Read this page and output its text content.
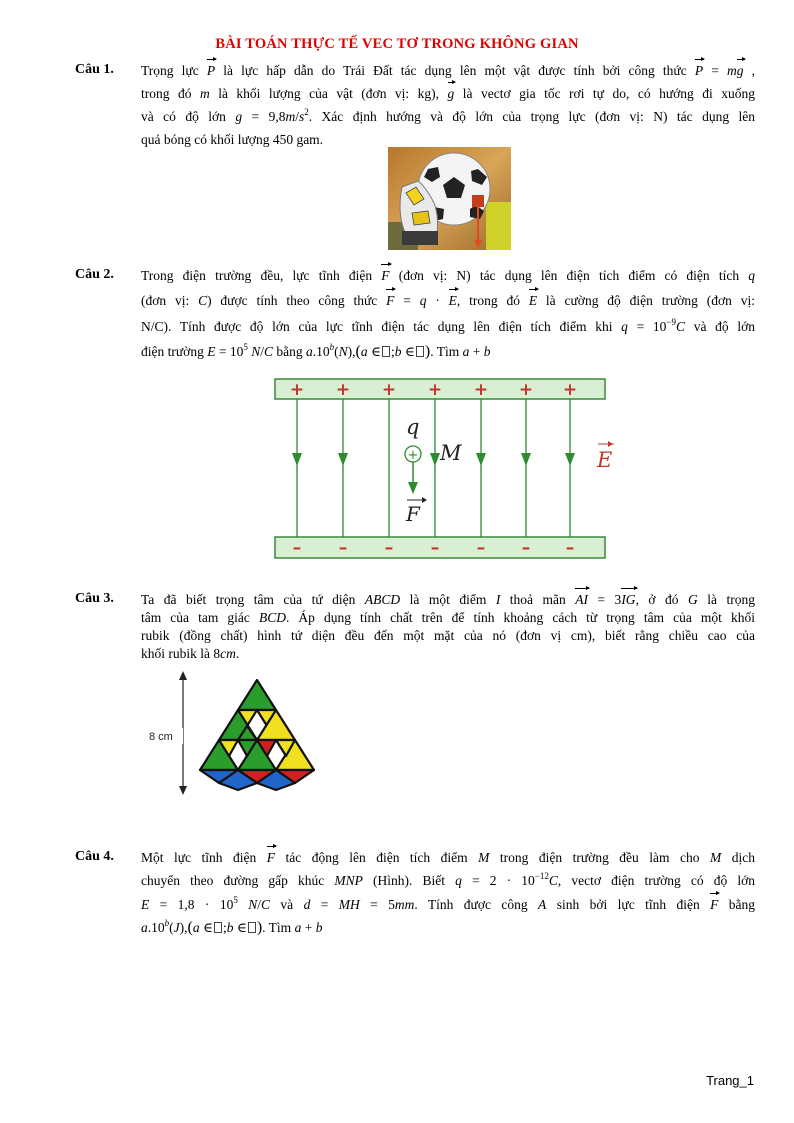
BÀI TOÁN THỰC TẾ VEC TƠ TRONG KHÔNG GIAN
Câu 1. Trọng lực P là lực hấp dẫn do Trái Đất tác dụng lên một vật được tính bởi công thức P = mg ,
trong đó m là khối lượng của vật (đơn vị: kg), g là vectơ gia tốc rơi tự do, có hướng đi xuống
và có độ lớn $g = 9,8m/s^2$. Xác định hướng và độ lớn của trọng lực (đơn vị: N) tác dụng lên
quả bóng có khối lượng 450 gam.
Câu 2. Trong điện trường đều, lực tĩnh điện F (đơn vị: N) tác dụng lên điện tích điểm có điện tích q
(đơn vị: C) được tính theo công thức F = q · E, trong đó E là cường độ điện trường (đơn vị:
N/C). Tính được độ lớn của lực tĩnh điện tác dụng lên điện tích điểm khi $q = 10^{-9}C$ và độ lớn
điện trường $E = 10^5$ N/C bằng a.10$^b$(N),(a ∈ ;b ∈ ). Tìm a + b
+ + + + + + +
– – – – – – –
+
q
M
F
E
Câu 3. Ta đã biết trọng tâm của tứ diện ABCD là một điểm I thoả mãn AI = 3IG, ở đó G là trọng
tâm của tam giác BCD. Áp dụng tính chất trên để tính khoảng cách từ trọng tâm của một khối
rubik (đồng chất) hình tứ diện đều đến một mặt của nó (đơn vị cm), biết rằng chiều cao của
khối rubik là 8cm.
8 cm
Câu 4. Một lực tĩnh điện F tác động lên điện tích điểm M trong điện trường đều làm cho M dịch
chuyển theo đường gấp khúc MNP (Hình). Biết $q = 2 \cdot 10^{-12}C$, vectơ điện trường có độ lớn
$E = 1,8 \cdot 10^5$ N/C và d = MH = 5mm. Tính được công A sinh bởi lực tĩnh điện F bằng
a.10$^b$(J),(a ∈ ;b ∈ ). Tìm a + b
Trang_1
